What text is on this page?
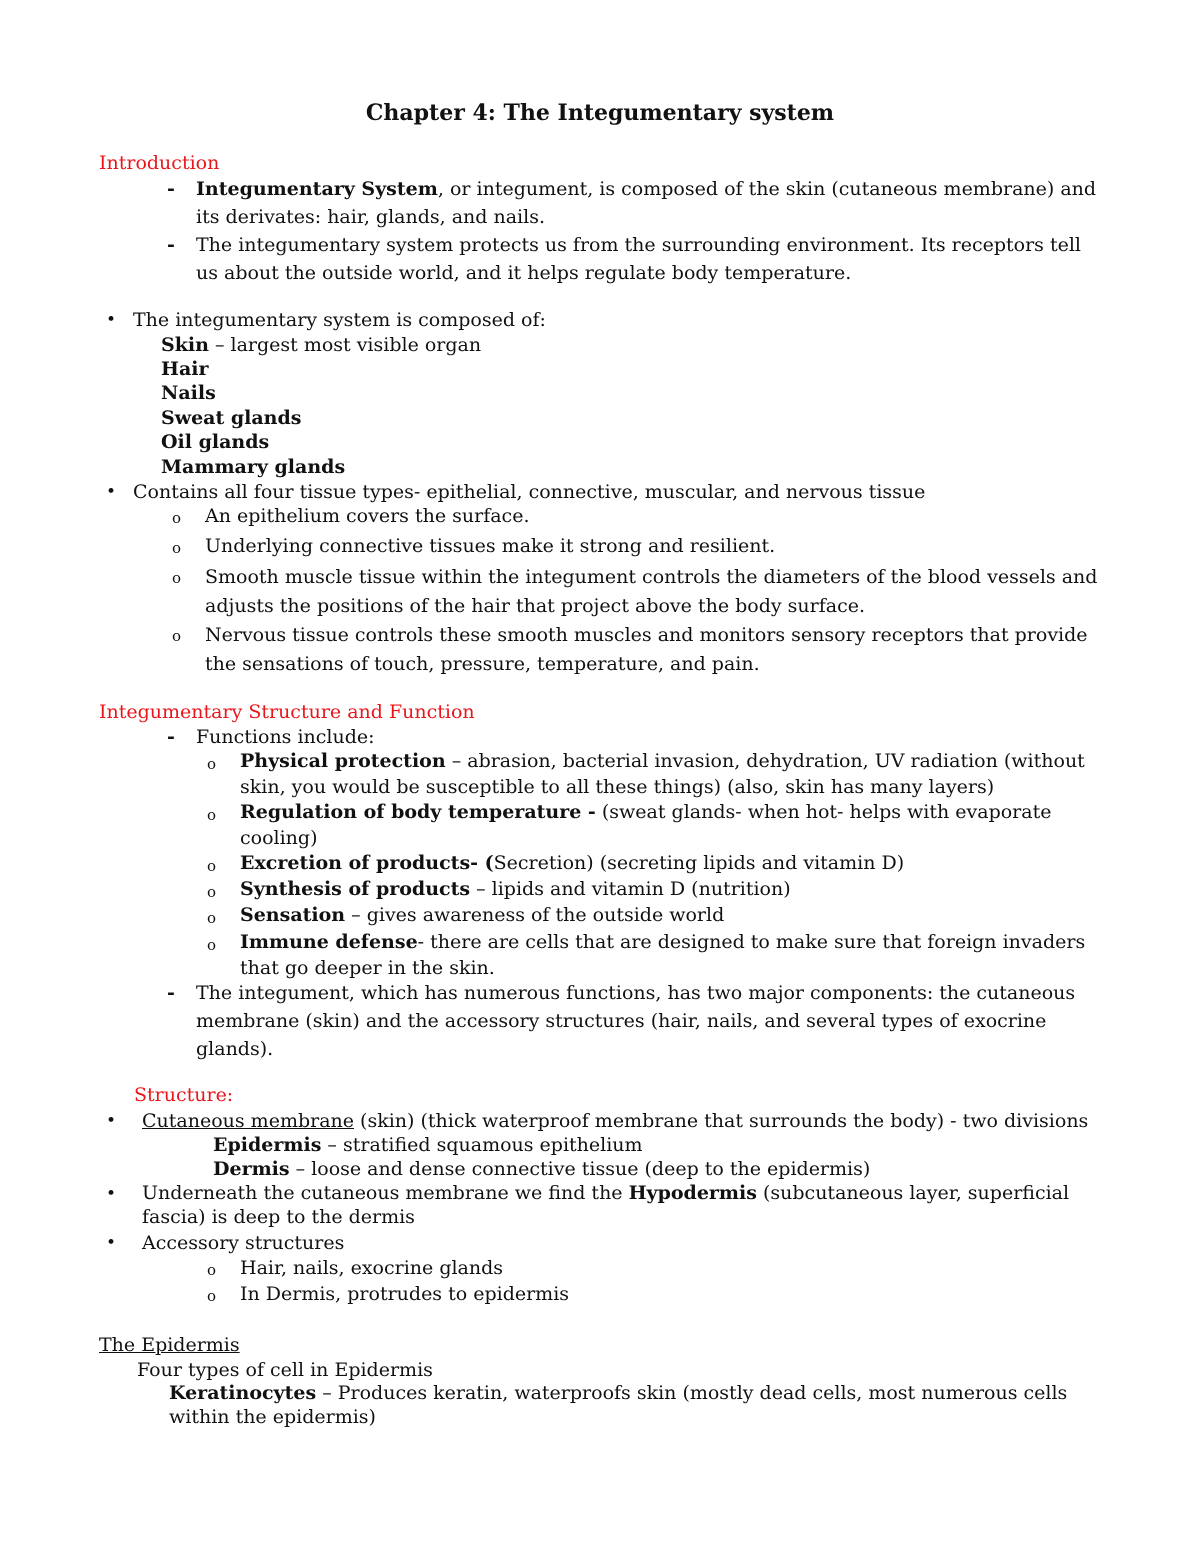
Chapter 4: The Integumentary system
Introduction
-	Integumentary System, or integument, is composed of the skin (cutaneous membrane) and its derivates: hair, glands, and nails.
-	The integumentary system protects us from the surrounding environment. Its receptors tell us about the outside world, and it helps regulate body temperature.
• The integumentary system is composed of:
Skin – largest most visible organ
Hair
Nails
Sweat glands
Oil glands
Mammary glands
• Contains all four tissue types- epithelial, connective, muscular, and nervous tissue
o An epithelium covers the surface.
o Underlying connective tissues make it strong and resilient.
o Smooth muscle tissue within the integument controls the diameters of the blood vessels and adjusts the positions of the hair that project above the body surface.
o Nervous tissue controls these smooth muscles and monitors sensory receptors that provide the sensations of touch, pressure, temperature, and pain.
Integumentary Structure and Function
-	Functions include:
o Physical protection – abrasion, bacterial invasion, dehydration, UV radiation (without skin, you would be susceptible to all these things) (also, skin has many layers)
o Regulation of body temperature - (sweat glands- when hot- helps with evaporate cooling)
o Excretion of products- (Secretion) (secreting lipids and vitamin D)
o Synthesis of products – lipids and vitamin D (nutrition)
o Sensation – gives awareness of the outside world
o Immune defense- there are cells that are designed to make sure that foreign invaders that go deeper in the skin.
-	The integument, which has numerous functions, has two major components: the cutaneous membrane (skin) and the accessory structures (hair, nails, and several types of exocrine glands).
Structure:
• Cutaneous membrane (skin) (thick waterproof membrane that surrounds the body) - two divisions
Epidermis – stratified squamous epithelium
Dermis – loose and dense connective tissue (deep to the epidermis)
• Underneath the cutaneous membrane we find the Hypodermis (subcutaneous layer, superficial fascia) is deep to the dermis
• Accessory structures
o Hair, nails, exocrine glands
o In Dermis, protrudes to epidermis
The Epidermis
Four types of cell in Epidermis
Keratinocytes – Produces keratin, waterproofs skin (mostly dead cells, most numerous cells within the epidermis)
